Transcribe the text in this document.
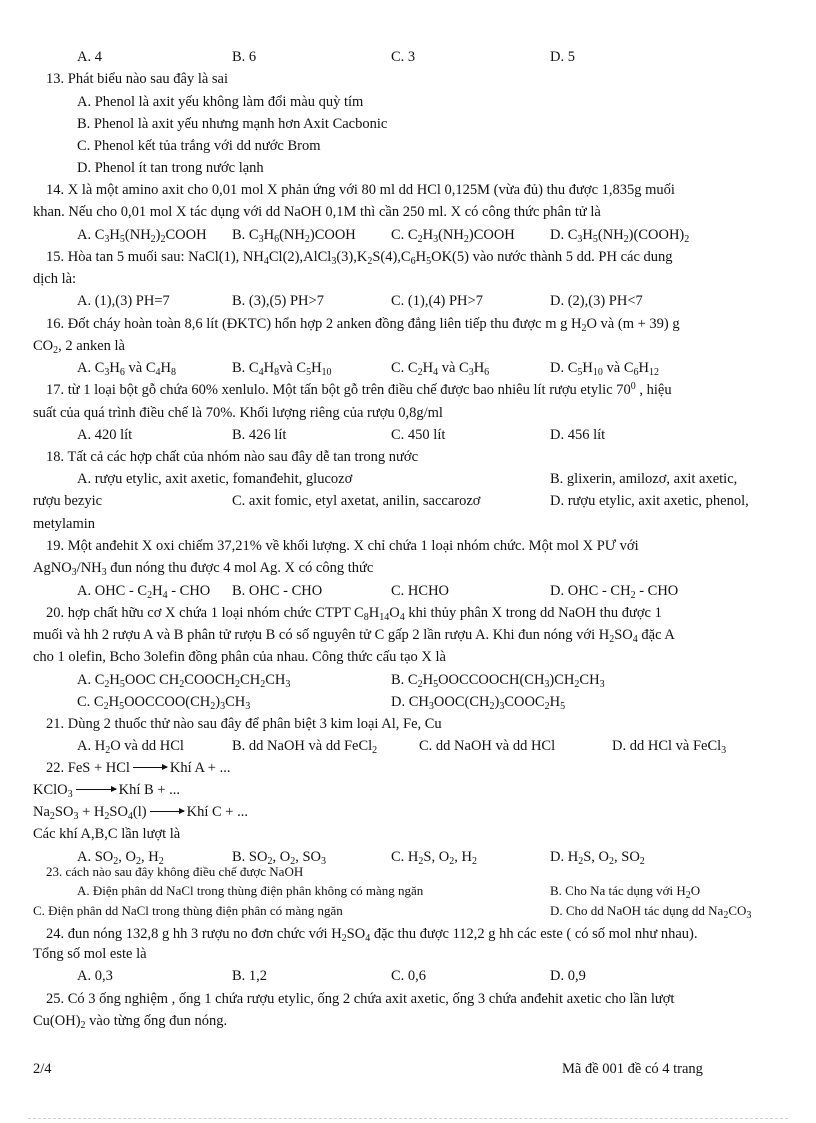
A. 4	B. 6	C. 3	D. 5
13. Phát biểu nào sau đây là sai
A. Phenol là axit yếu không làm đổi màu quỳ tím
B. Phenol là axit yếu nhưng mạnh hơn Axit Cacbonic
C. Phenol kết tủa trắng với dd nước Brom
D. Phenol ít tan trong nước lạnh
14. X là một amino axit cho 0,01 mol X phản ứng với 80 ml dd HCl 0,125M (vừa đủ) thu được 1,835g muối
khan. Nếu cho 0,01 mol X tác dụng với dd NaOH 0,1M thì cần 250 ml. X có công thức phân tử là
A. $C_3H_5(NH_2)_2COOH$ B. $C_3H_6(NH_2)COOH$ C. $C_2H_3(NH_2)COOH$ D. $C_3H_5(NH_2)(COOH)_2$
15. Hòa tan 5 muối sau: NaCl(1), $NH_4Cl(2),AlCl_3(3),K_2S(4),C_6H_5OK(5)$ vào nước thành 5 dd. PH các dung
dịch là:
A. (1),(3) PH=7	B. (3),(5) PH>7	C. (1),(4) PH>7	D. (2),(3) PH<7
16. Đốt cháy hoàn toàn 8,6 lít (ĐKTC) hổn hợp 2 anken đồng đẳng liên tiếp thu được m g $H_2O$ và (m + 39) g
$CO_2$, 2 anken là
A. $C_3H_6$ và $C_4H_8$	B. $C_4H_8và$ $C_5H_{10}$	C. $C_2H_4$ và $C_3H_6$	D. $C_5H_{10}$ và $C_6H_{12}$
17. từ 1 loại bột gỗ chứa 60% xenlulo. Một tấn bột gỗ trên điều chế được bao nhiêu lít rượu etylic $70^0$ , hiệu
suất của quá trình điều chế là 70%. Khối lượng riêng của rượu 0,8g/ml
A. 420 lít	B. 426 lít	C. 450 lít	D. 456 lít
18. Tất cả các hợp chất của nhóm nào sau đây dễ tan trong nước
A. rượu etylic, axit axetic, fomanđehit, glucozơ	B. glixerin, amilozơ, axit axetic,
rượu bezyic	C. axit fomic, etyl axetat, anilin, saccarozơ	D. rượu etylic, axit axetic, phenol,
metylamin
19. Một anđehit X oxi chiếm 37,21% về khối lượng. X chỉ chứa 1 loại nhóm chức. Một mol X PƯ với
$AgNO_3/NH_3$ đun nóng thu được 4 mol Ag. X có công thức
A. OHC - $C_2H_4$ - CHO B. OHC - CHO	C. HCHO	D. OHC - $CH_2$ - CHO
20. hợp chất hữu cơ X chứa 1 loại nhóm chức CTPT $C_8H_{14}O_4$ khi thủy phân X trong dd NaOH thu được 1
muối và hh 2 rượu A và B phân tử rượu B có số nguyên tử C gấp 2 lần rượu A. Khi đun nóng với $H_2SO_4$ đặc A
cho 1 olefin, Bcho 3olefin đồng phân của nhau. Công thức cấu tạo X là
A. $C_2H_5OOC$ $CH_2COOCH_2CH_2CH_3$	B. $C_2H_5OOCCOOCH(CH_3)CH_2CH_3$
C. $C_2H_5OOCCOO(CH_2)_3CH_3$	D. $CH_3OOC(CH_2)_3COOC_2H_5$
21. Dùng 2 thuốc thử nào sau đây để phân biệt 3 kim loại Al, Fe, Cu
A. $H_2O$ và dd HCl	B. dd NaOH và dd FeCl$_2$	C. dd NaOH và dd HCl	D. dd HCl và FeCl$_3$
22. FeS + HCl	Khí A + ...
KClO$_3$	Khí B + ...
$Na_2SO_3 + H_2SO_4(l)$	Khí C + ...
Các khí A,B,C lần lượt là
A. $SO_2$, $O_2$, $H_2$	B. $SO_2$, $O_2$, $SO_3$	C. $H_2S$, $O_2$, $H_2$	D. $H_2S$, $O_2$, $SO_2$
23. cách nào sau đây không điều chế được NaOH
A. Điện phân dd NaCl trong thùng điện phân không có màng ngăn	B. Cho Na tác dụng với $H_2O$
C. Điện phân dd NaCl trong thùng điện phân có màng ngăn	D. Cho dd NaOH tác dụng dd $Na_2CO_3$
24. đun nóng 132,8 g hh 3 rượu no đơn chức với $H_2SO_4$ đặc thu được 112,2 g hh các este ( có số mol như nhau).
Tổng số mol este là
A. 0,3	B. 1,2	C. 0,6	D. 0,9
25. Có 3 ống nghiệm , ống 1 chứa rượu etylic, ống 2 chứa axit axetic, ống 3 chứa anđehit axetic cho lần lượt
$Cu(OH)_2$ vào từng ống đun nóng.
2/4	Mã đề 001 đề có 4 trang
